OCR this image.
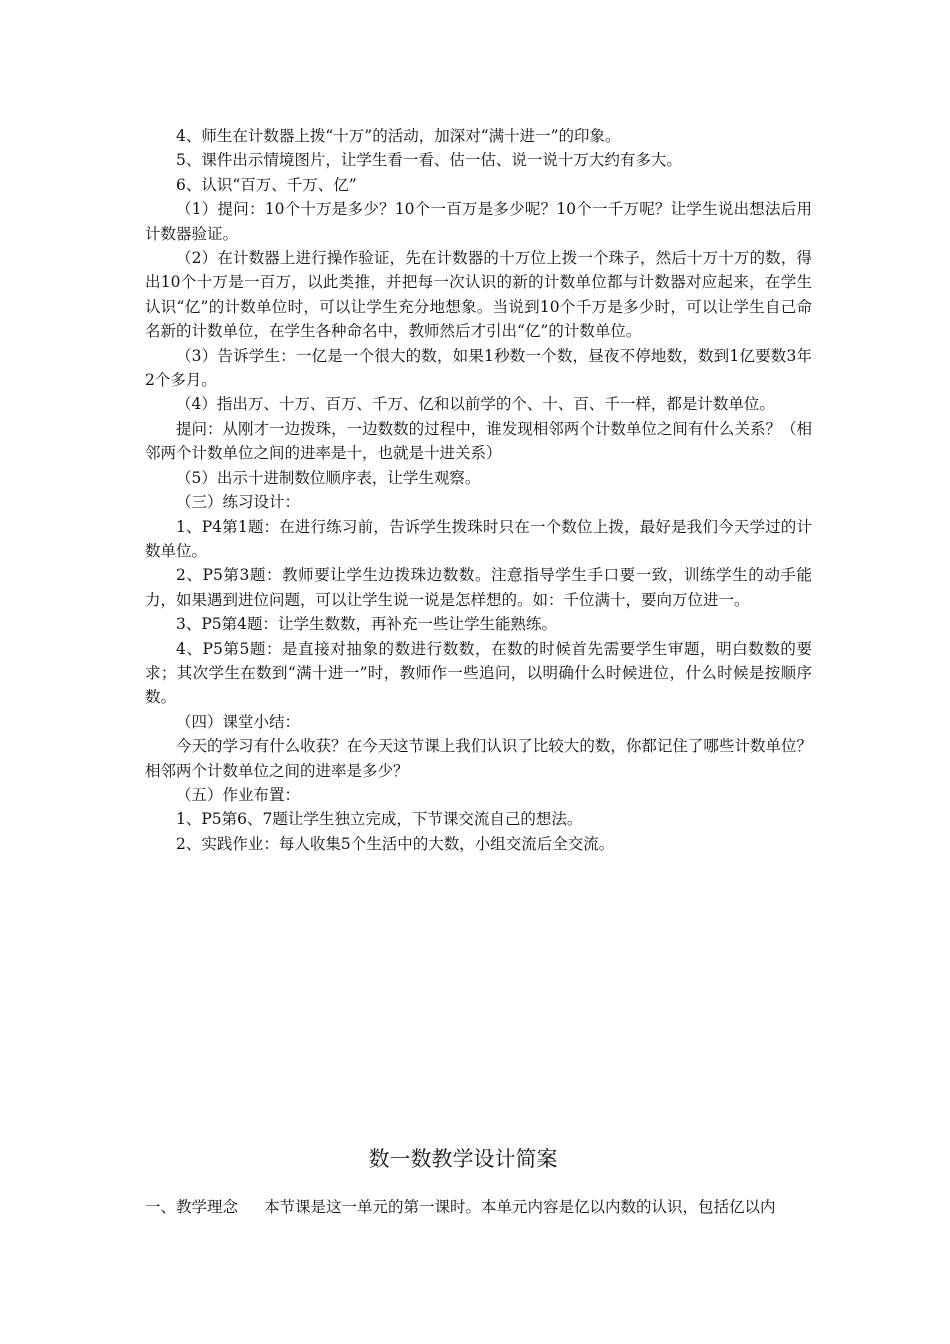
4、师生在计数器上拨“十万”的活动，加深对“满十进一”的印象。

5、课件出示情境图片，让学生看一看、估一估、说一说十万大约有多大。

6、认识“百万、千万、亿”

（1）提问：10个十万是多少？10个一百万是多少呢？10个一千万呢？让学生说出想法后用计数器验证。

（2）在计数器上进行操作验证，先在计数器的十万位上拨一个珠子，然后十万十万的数，得出10个十万是一百万，以此类推，并把每一次认识的新的计数单位都与计数器对应起来，在学生认识“亿”的计数单位时，可以让学生充分地想象。当说到10个千万是多少时，可以让学生自己命名新的计数单位，在学生各种命名中，教师然后才引出“亿”的计数单位。

（3）告诉学生：一亿是一个很大的数，如果1秒数一个数，昼夜不停地数，数到1亿要数3年2个多月。

（4）指出万、十万、百万、千万、亿和以前学的个、十、百、千一样，都是计数单位。

提问：从刚才一边拨珠，一边数数的过程中，谁发现相邻两个计数单位之间有什么关系？（相邻两个计数单位之间的进率是十，也就是十进关系）

（5）出示十进制数位顺序表，让学生观察。

（三）练习设计：

1、P4第1题：在进行练习前，告诉学生拨珠时只在一个数位上拨，最好是我们今天学过的计数单位。

2、P5第3题：教师要让学生边拨珠边数数。注意指导学生手口要一致，训练学生的动手能力，如果遇到进位问题，可以让学生说一说是怎样想的。如：千位满十，要向万位进一。

3、P5第4题：让学生数数，再补充一些让学生能熟练。

4、P5第5题：是直接对抽象的数进行数数，在数的时候首先需要学生审题，明白数数的要求；其次学生在数到“满十进一”时，教师作一些追问，以明确什么时候进位，什么时候是按顺序数。

（四）课堂小结：

今天的学习有什么收获？在今天这节课上我们认识了比较大的数，你都记住了哪些计数单位？相邻两个计数单位之间的进率是多少？

（五）作业布置：

1、P5第6、7题让学生独立完成，下节课交流自己的想法。

2、实践作业：每人收集5个生活中的大数，小组交流后全交流。

数一数教学设计简案
一、教学理念 本节课是这一单元的第一课时。本单元内容是亿以内数的认识，包括亿以内
